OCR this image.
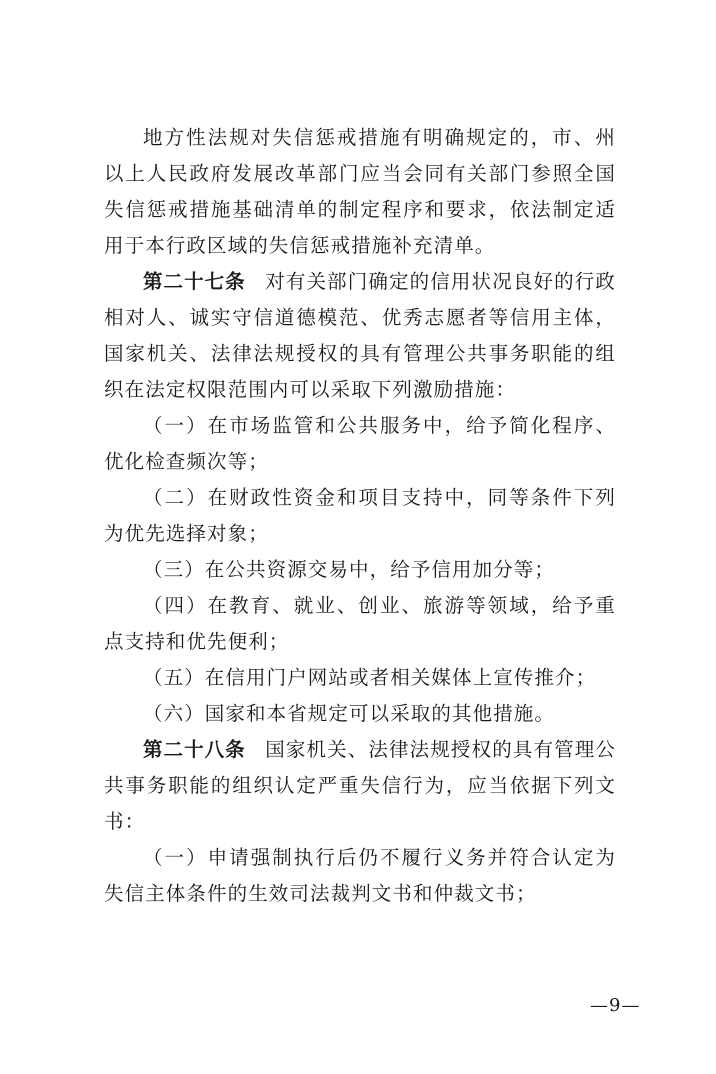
地方性法规对失信惩戒措施有明确规定的，市、州以上人民政府发展改革部门应当会同有关部门参照全国失信惩戒措施基础清单的制定程序和要求，依法制定适用于本行政区域的失信惩戒措施补充清单。

第二十七条 对有关部门确定的信用状况良好的行政相对人、诚实守信道德模范、优秀志愿者等信用主体，国家机关、法律法规授权的具有管理公共事务职能的组织在法定权限范围内可以采取下列激励措施：

（一）在市场监管和公共服务中，给予简化程序、优化检查频次等；

（二）在财政性资金和项目支持中，同等条件下列为优先选择对象；

（三）在公共资源交易中，给予信用加分等；

（四）在教育、就业、创业、旅游等领域，给予重点支持和优先便利；

（五）在信用门户网站或者相关媒体上宣传推介；

（六）国家和本省规定可以采取的其他措施。

第二十八条 国家机关、法律法规授权的具有管理公共事务职能的组织认定严重失信行为，应当依据下列文书：

（一）申请强制执行后仍不履行义务并符合认定为失信主体条件的生效司法裁判文书和仲裁文书；

—9—
